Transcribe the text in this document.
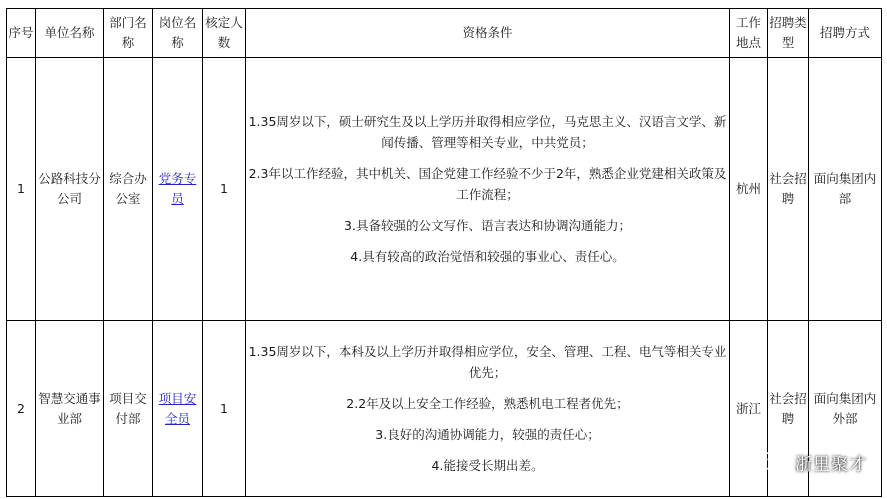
序号	单位名称	部门名称	岗位名称	核定人数	资格条件	工作地点	招聘类型	招聘方式
1	公路科技分公司	综合办公室	党务专员	1	1.35周岁以下，硕士研究生及以上学历并取得相应学位，马克思主义、汉语言文学、新闻传播、管理等相关专业，中共党员；

2.3年以工作经验，其中机关、国企党建工作经验不少于2年，熟悉企业党建相关政策及工作流程；

3.具备较强的公文写作、语言表达和协调沟通能力；

4.具有较高的政治觉悟和较强的事业心、责任心。	杭州	社会招聘	面向集团内部
2	智慧交通事业部	项目交付部	项目安全员	1	1.35周岁以下，本科及以上学历并取得相应学位，安全、管理、工程、电气等相关专业优先；

2.2年及以上安全工作经验，熟悉机电工程者优先；

3.良好的沟通协调能力，较强的责任心；

4.能接受长期出差。	浙江	社会招聘	面向集团内外部
浙里聚才
